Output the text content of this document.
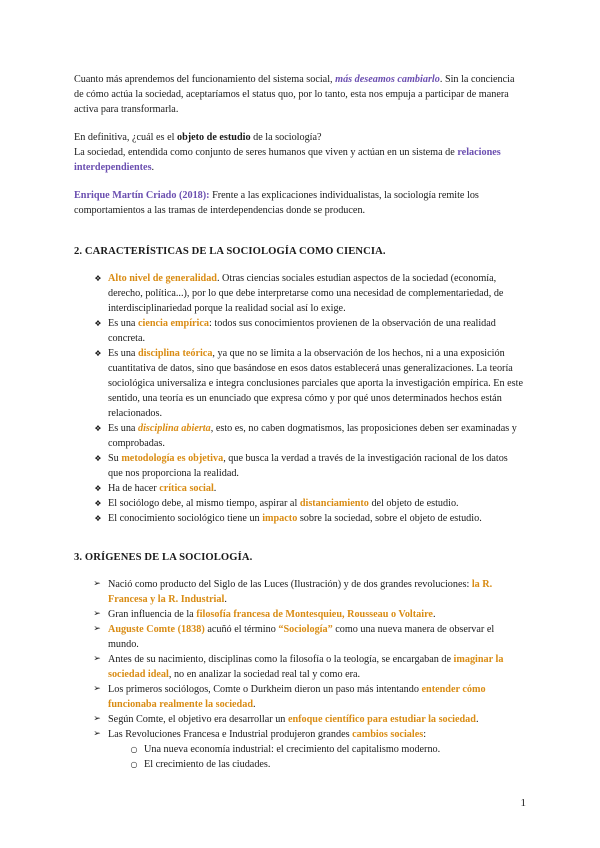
Cuanto más aprendemos del funcionamiento del sistema social, más deseamos cambiarlo. Sin la conciencia de cómo actúa la sociedad, aceptaríamos el status quo, por lo tanto, esta nos empuja a participar de manera activa para transformarla.

En definitiva, ¿cuál es el objeto de estudio de la sociología?
La sociedad, entendida como conjunto de seres humanos que viven y actúan en un sistema de relaciones interdependientes.

Enrique Martín Criado (2018): Frente a las explicaciones individualistas, la sociología remite los comportamientos a las tramas de interdependencias donde se producen.

2. CARACTERÍSTICAS DE LA SOCIOLOGÍA COMO CIENCIA.
❖ Alto nivel de generalidad. Otras ciencias sociales estudian aspectos de la sociedad (economía, derecho, política...), por lo que debe interpretarse como una necesidad de complementariedad, de interdisciplinariedad porque la realidad social así lo exige.
❖ Es una ciencia empírica: todos sus conocimientos provienen de la observación de una realidad concreta.
❖ Es una disciplina teórica, ya que no se limita a la observación de los hechos, ni a una exposición cuantitativa de datos, sino que basándose en esos datos establecerá unas generalizaciones. La teoría sociológica universaliza e integra conclusiones parciales que aporta la investigación empírica. En este sentido, una teoría es un enunciado que expresa cómo y por qué unos determinados hechos están relacionados.
❖ Es una disciplina abierta, esto es, no caben dogmatismos, las proposiciones deben ser examinadas y comprobadas.
❖ Su metodología es objetiva, que busca la verdad a través de la investigación racional de los datos que nos proporciona la realidad.
❖ Ha de hacer crítica social.
❖ El sociólogo debe, al mismo tiempo, aspirar al distanciamiento del objeto de estudio.
❖ El conocimiento sociológico tiene un impacto sobre la sociedad, sobre el objeto de estudio.
3. ORÍGENES DE LA SOCIOLOGÍA.
➢ Nació como producto del Siglo de las Luces (Ilustración) y de dos grandes revoluciones: la R. Francesa y la R. Industrial.
➢ Gran influencia de la filosofía francesa de Montesquieu, Rousseau o Voltaire.
➢ Auguste Comte (1838) acuñó el término “Sociología” como una nueva manera de observar el mundo.
➢ Antes de su nacimiento, disciplinas como la filosofía o la teología, se encargaban de imaginar la sociedad ideal, no en analizar la sociedad real tal y como era.
➢ Los primeros sociólogos, Comte o Durkheim dieron un paso más intentando entender cómo funcionaba realmente la sociedad.
➢ Según Comte, el objetivo era desarrollar un enfoque científico para estudiar la sociedad.
➢ Las Revoluciones Francesa e Industrial produjeron grandes cambios sociales:
○ Una nueva economía industrial: el crecimiento del capitalismo moderno.
○ El crecimiento de las ciudades.
1
